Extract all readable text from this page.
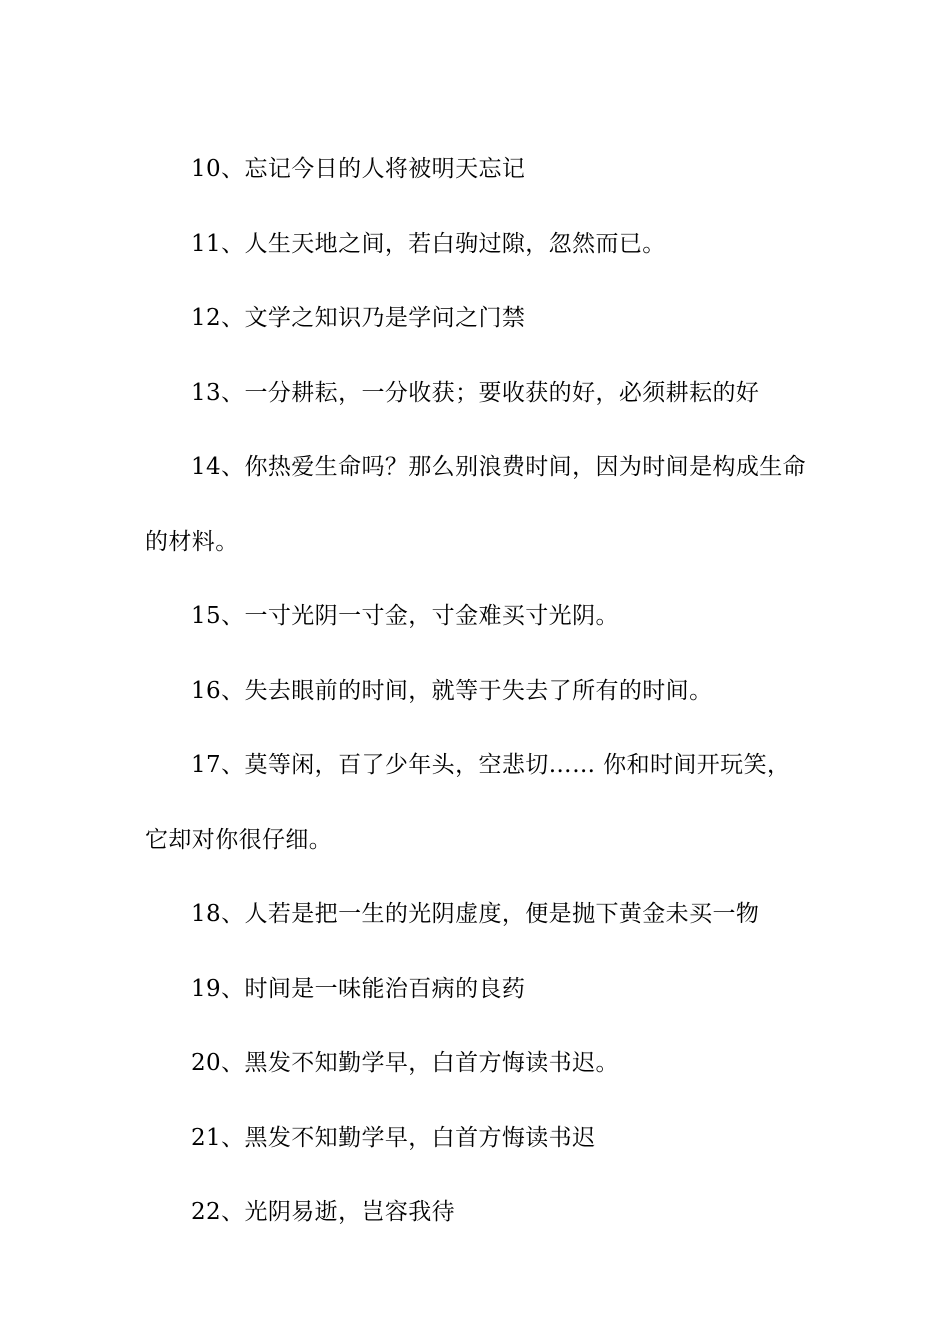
10、忘记今日的人将被明天忘记

11、人生天地之间，若白驹过隙，忽然而已。

12、文学之知识乃是学问之门禁

13、一分耕耘，一分收获；要收获的好，必须耕耘的好

14、你热爱生命吗？那么别浪费时间，因为时间是构成生命的材料。

15、一寸光阴一寸金，寸金难买寸光阴。

16、失去眼前的时间，就等于失去了所有的时间。

17、莫等闲，百了少年头，空悲切…… 你和时间开玩笑，它却对你很仔细。

18、人若是把一生的光阴虚度，便是抛下黄金未买一物

19、时间是一味能治百病的良药

20、黑发不知勤学早，白首方悔读书迟。

21、黑发不知勤学早，白首方悔读书迟

22、光阴易逝，岂容我待
